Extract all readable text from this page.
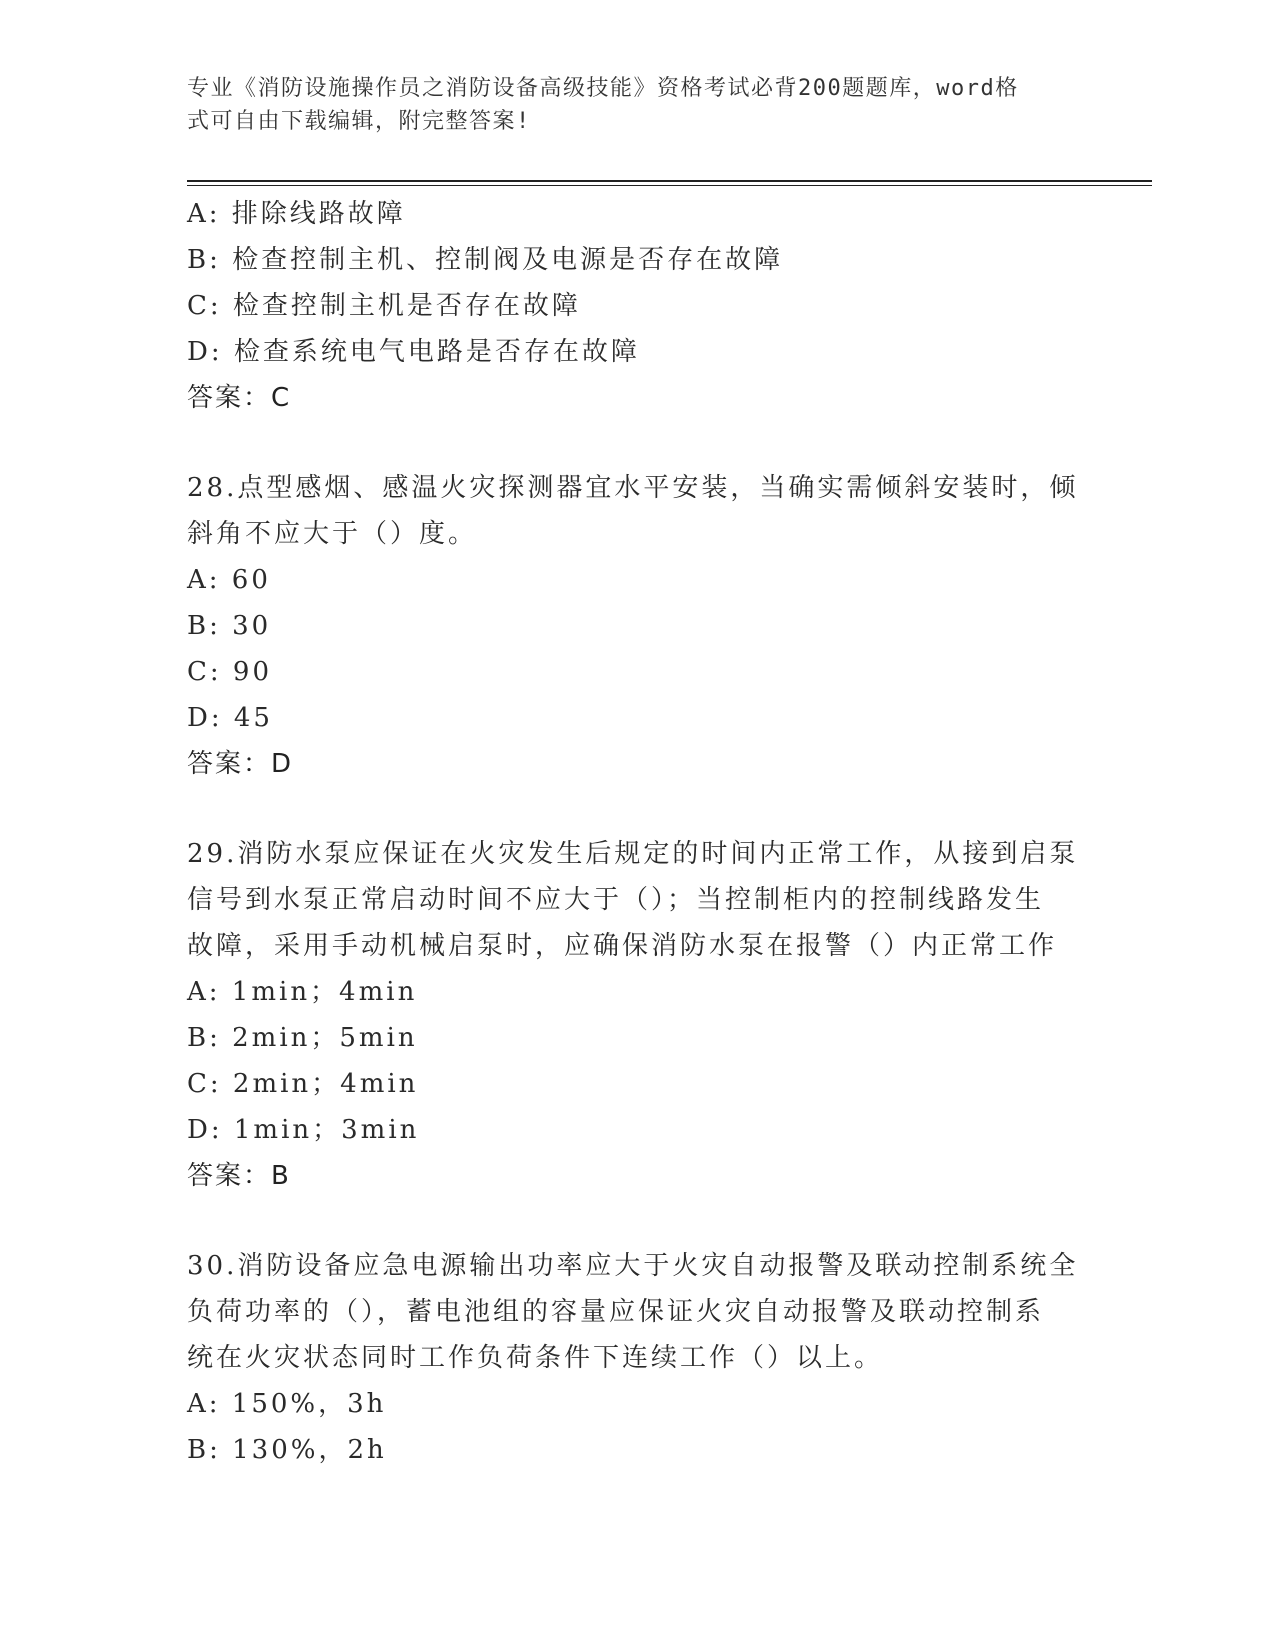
专业《消防设施操作员之消防设备高级技能》资格考试必背200题题库，word格
式可自由下载编辑，附完整答案!
A: 排除线路故障
B: 检查控制主机、控制阀及电源是否存在故障
C: 检查控制主机是否存在故障
D: 检查系统电气电路是否存在故障
答案：C
28.点型感烟、感温火灾探测器宜水平安装，当确实需倾斜安装时，倾
斜角不应大于（）度。
A: 60
B: 30
C: 90
D: 45
答案：D
29.消防水泵应保证在火灾发生后规定的时间内正常工作，从接到启泵
信号到水泵正常启动时间不应大于（）；当控制柜内的控制线路发生
故障，采用手动机械启泵时，应确保消防水泵在报警（）内正常工作
A: 1min；4min
B: 2min；5min
C: 2min；4min
D: 1min；3min
答案：B
30.消防设备应急电源输出功率应大于火灾自动报警及联动控制系统全
负荷功率的（），蓄电池组的容量应保证火灾自动报警及联动控制系
统在火灾状态同时工作负荷条件下连续工作（）以上。
A: 150%，3h
B: 130%，2h
